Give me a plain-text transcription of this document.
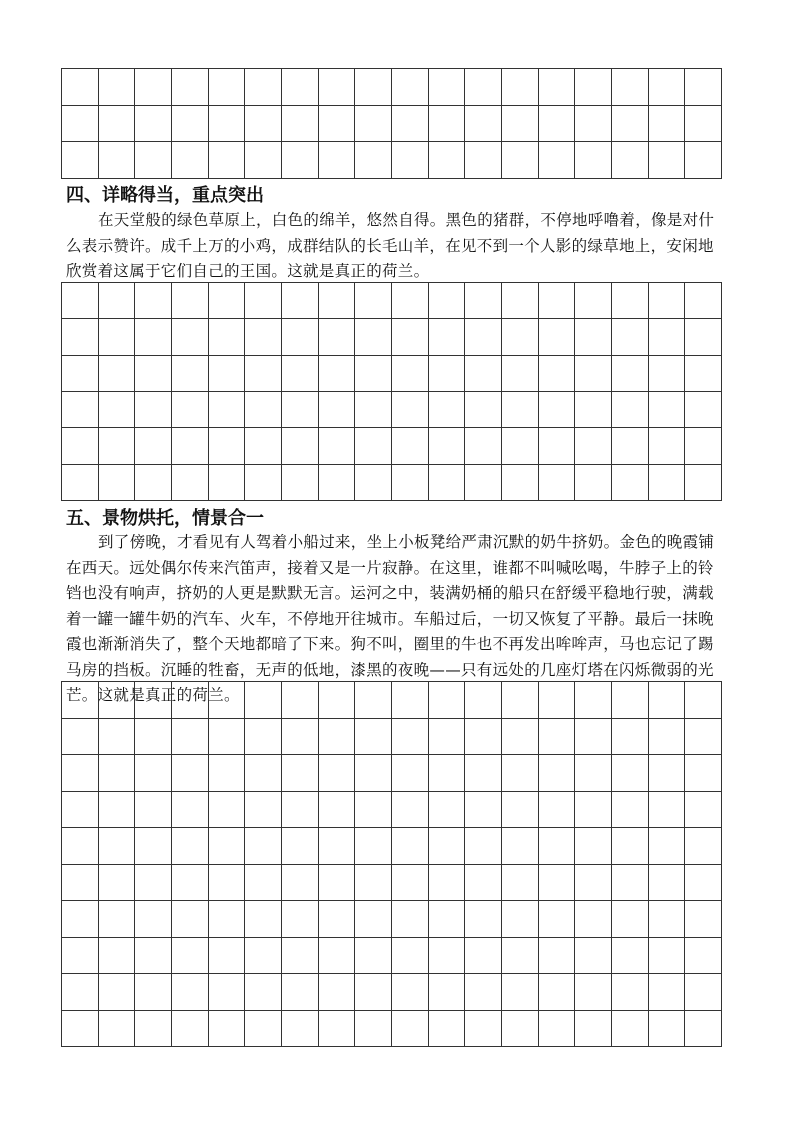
四、详略得当，重点突出
在天堂般的绿色草原上，白色的绵羊，悠然自得。黑色的猪群，不停地呼噜着，像是对什
么表示赞许。成千上万的小鸡，成群结队的长毛山羊，在见不到一个人影的绿草地上，安闲地
欣赏着这属于它们自己的王国。这就是真正的荷兰。
五、景物烘托，情景合一
到了傍晚，才看见有人驾着小船过来，坐上小板凳给严肃沉默的奶牛挤奶。金色的晚霞铺
在西天。远处偶尔传来汽笛声，接着又是一片寂静。在这里，谁都不叫喊吆喝，牛脖子上的铃
铛也没有响声，挤奶的人更是默默无言。运河之中，装满奶桶的船只在舒缓平稳地行驶，满载
着一罐一罐牛奶的汽车、火车，不停地开往城市。车船过后，一切又恢复了平静。最后一抹晚
霞也渐渐消失了，整个天地都暗了下来。狗不叫，圈里的牛也不再发出哞哞声，马也忘记了踢
马房的挡板。沉睡的牲畜，无声的低地，漆黑的夜晚——只有远处的几座灯塔在闪烁微弱的光
芒。这就是真正的荷兰。
